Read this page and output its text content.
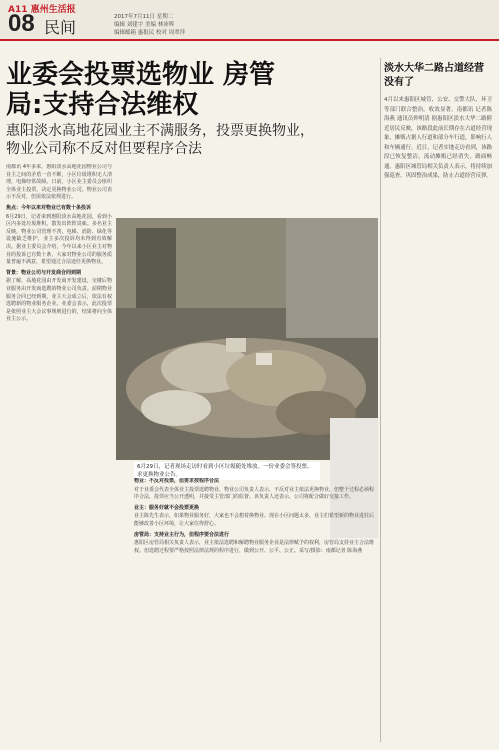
A11 惠州生活报
08 民间
2017年7月11日 星期二
编辑 刘建宇 美编 林沛晖
编辑邮箱 惠报民 校对 周翠萍
业委会投票选物业 房管局:支持合法维权
惠阳淡水高地花园业主不满服务，投票更换物业，物业公司称不反对但要程序合法

南都讯 4年多来，惠阳淡水高地花园物业公司与业主之间的矛盾一直不断，小区垃圾堆积无人清理，电梯经常故障。日前，小区业主委员会组织全体业主投票，决定更换物业公司。物业公司表示不反对，但需依法依规进行。

焦点：今年以来对物业已有数十条投诉

6月29日，记者来到惠阳淡水高地花园，看到小区内多处垃圾堆积，散发出阵阵臭味。多名业主反映，物业公司管理不善，电梯、消防、绿化等设施缺乏维护，业主多次投诉均未得到有效解决。据业主委员会介绍，今年以来小区业主对物业的投诉已有数十条，大家对物业公司的服务质量普遍不满意，希望通过合法途径更换物业。

背景：物业公司与开发商合同到期

据了解，高地花园由开发商开发建设，交楼后物业服务由开发商选聘的物业公司负责。前期物业服务合同已经到期，业主大会成立后，依法有权选聘新的物业服务企业。业委会表示，此次投票是依照业主大会议事规则进行的，结果将向全体业主公示。

6月29日，记者现场走访时看到小区垃圾随处堆放。一份业委会签投票、求更换物业公告。

物业：不反对投票，但要求按程序合法

对于业委会代表全体业主投票选聘物业，物业公司负责人表示，不反对业主依法更换物业，但整个过程必须程序合法，投票应当公开透明，并接受主管部门的监督。该负责人还表示，公司将配合做好交接工作。

业主：服务好就不会投票更换

业主陈先生表示，如果物业服务好，大家也不会想着换物业。现在小区问题太多，业主们希望新的物业进驻后能够改善小区环境，让大家住得舒心。

房管局：支持业主行为，但程序要合法进行

惠阳区房管局相关负责人表示，业主依法选聘和解聘物业服务企业是法律赋予的权利，房管局支持业主合法维权。但选聘过程要严格按照法律法规的程序进行，做到公开、公平、公正。采写/摄影：南都记者 陈海燕

淡水大华二路占道经营没有了
4月以来惠阳区城管、公安、交警大队、环卫等部门联合整治，收效显著。南都讯 记者陈海燕 通讯员钟明清 据惠阳区淡水大华二路附近居民反映，该路段此前长期存在占道经营现象，摊贩占据人行道和部分车行道，影响行人和车辆通行。近日，记者实地走访看到，该路段已恢复整洁，流动摊贩已经消失，路面畅通。惠阳区城管局相关负责人表示，将持续加强巡查，巩固整治成果，防止占道经营反弹。
